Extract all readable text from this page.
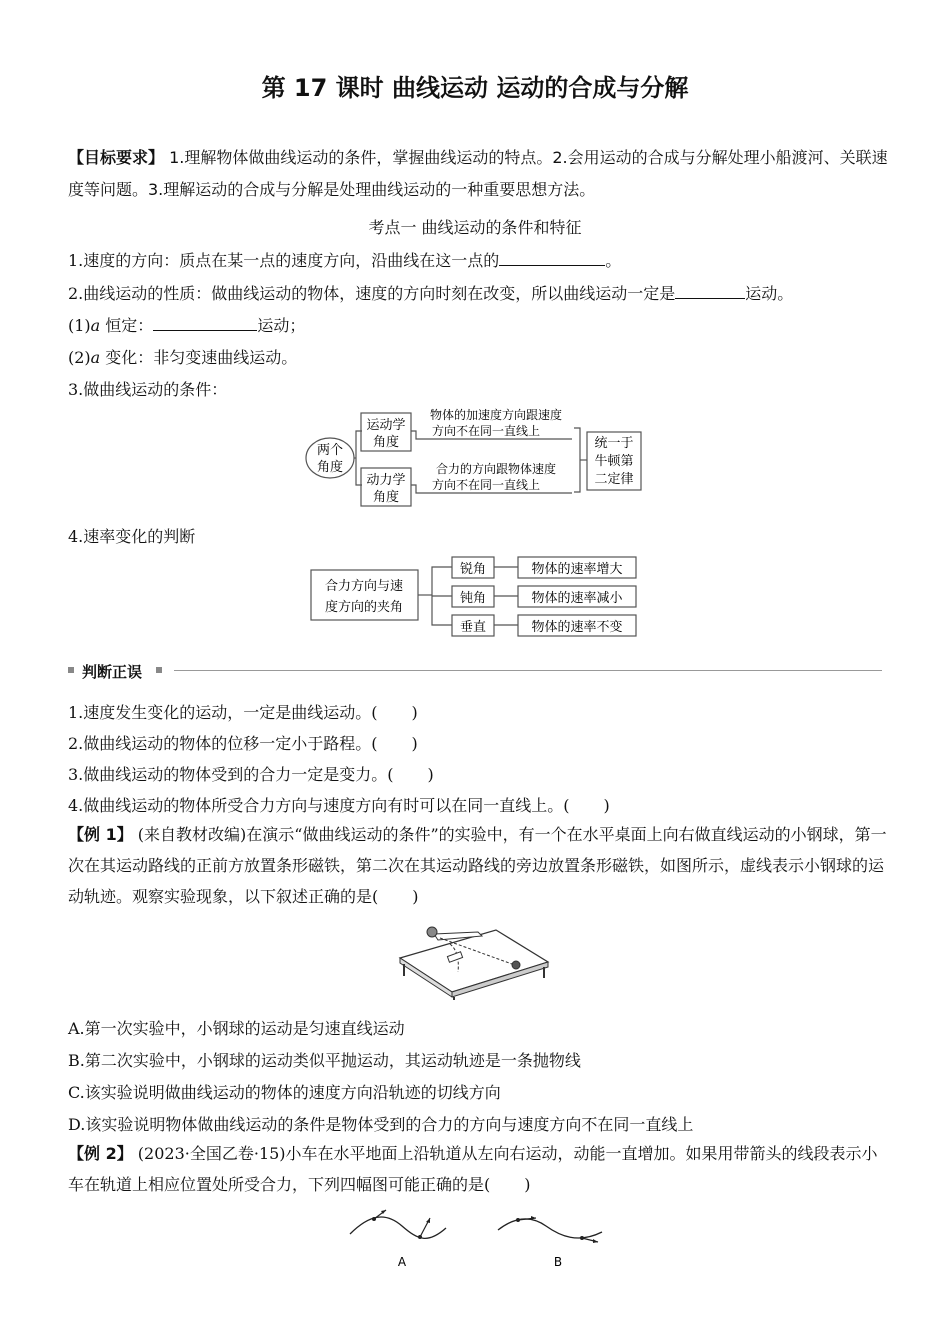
第 17 课时 曲线运动 运动的合成与分解
【目标要求】 1.理解物体做曲线运动的条件，掌握曲线运动的特点。2.会用运动的合成与分解处理小船渡河、关联速度等问题。3.理解运动的合成与分解是处理曲线运动的一种重要思想方法。
考点一 曲线运动的条件和特征
1.速度的方向：质点在某一点的速度方向，沿曲线在这一点的	。
2.曲线运动的性质：做曲线运动的物体，速度的方向时刻在改变，所以曲线运动一定是	运动。
(1)a 恒定：	运动；
(2)a 变化：非匀变速曲线运动。
3.做曲线运动的条件：
两个
角度
运动学
角度
动力学
角度
物体的加速度方向跟速度
方向不在同一直线上
合力的方向跟物体速度
方向不在同一直线上
统一于
牛顿第
二定律
4.速率变化的判断
合力方向与速
度方向的夹角
锐角
钝角
垂直
物体的速率增大
物体的速率减小
物体的速率不变
判断正误
1.速度发生变化的运动，一定是曲线运动。( )
2.做曲线运动的物体的位移一定小于路程。( )
3.做曲线运动的物体受到的合力一定是变力。( )
4.做曲线运动的物体所受合力方向与速度方向有时可以在同一直线上。( )
【例 1】 (来自教材改编)在演示“做曲线运动的条件”的实验中，有一个在水平桌面上向右做直线运动的小钢球，第一次在其运动路线的正前方放置条形磁铁，第二次在其运动路线的旁边放置条形磁铁，如图所示，虚线表示小钢球的运动轨迹。观察实验现象，以下叙述正确的是( )
A.第一次实验中，小钢球的运动是匀速直线运动
B.第二次实验中，小钢球的运动类似平抛运动，其运动轨迹是一条抛物线
C.该实验说明做曲线运动的物体的速度方向沿轨迹的切线方向
D.该实验说明物体做曲线运动的条件是物体受到的合力的方向与速度方向不在同一直线上
【例 2】 (2023·全国乙卷·15)小车在水平地面上沿轨道从左向右运动，动能一直增加。如果用带箭头的线段表示小车在轨道上相应位置处所受合力，下列四幅图可能正确的是( )
A	B
